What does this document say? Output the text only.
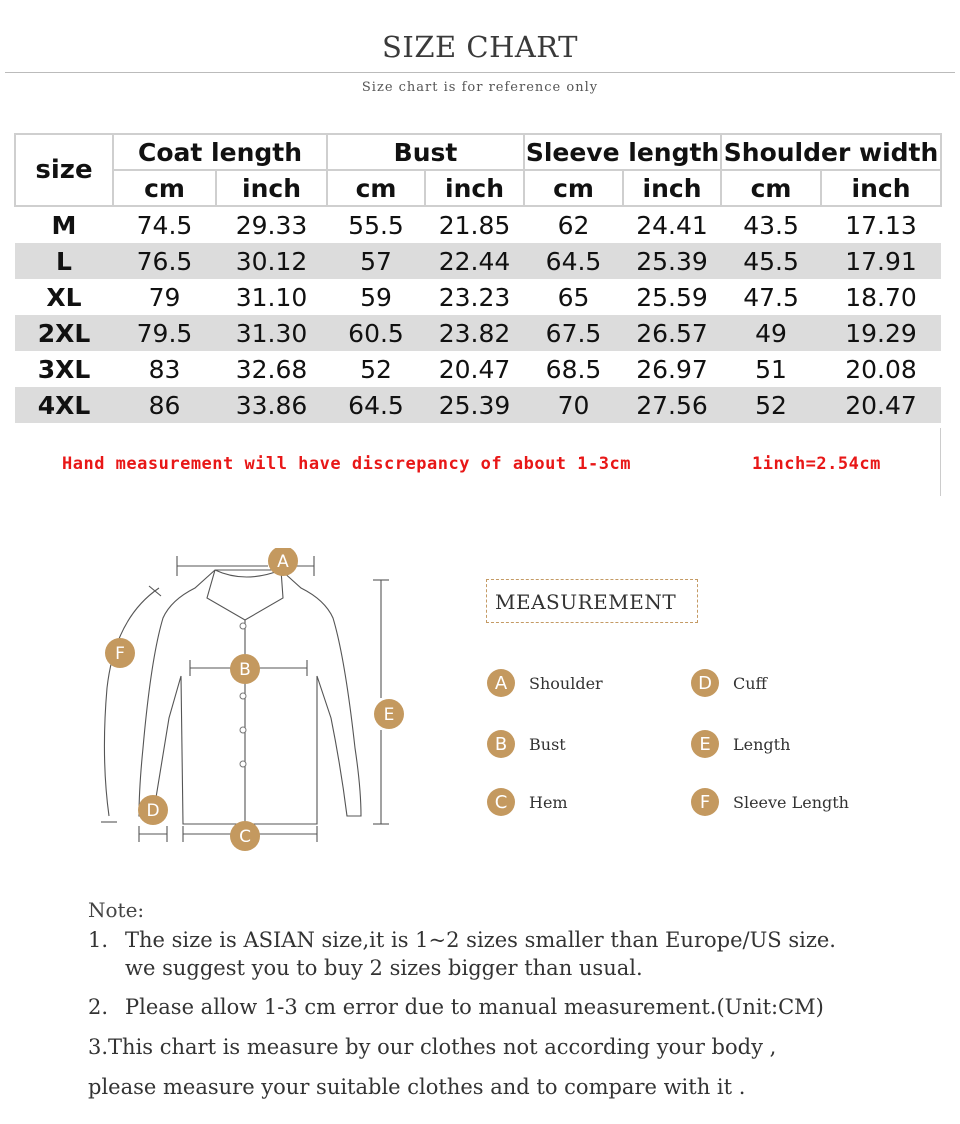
SIZE CHART
Size chart is for reference only
size	Coat length		Bust		Sleeve length		Shoulder width	
	cm	inch	cm	inch	cm	inch	cm	inch
M	74.5	29.33	55.5	21.85	62	24.41	43.5	17.13
L	76.5	30.12	57	22.44	64.5	25.39	45.5	17.91
XL	79	31.10	59	23.23	65	25.59	47.5	18.70
2XL	79.5	31.30	60.5	23.82	67.5	26.57	49	19.29
3XL	83	32.68	52	20.47	68.5	26.97	51	20.08
4XL	86	33.86	64.5	25.39	70	27.56	52	20.47
Hand measurement will have discrepancy of about 1-3cm	1inch=2.54cm
A
B
C
D
E
F
MEASUREMENT
A	Shoulder
B	Bust
C	Hem
D	Cuff
E	Length
F	Sleeve Length
Note:
1. The size is ASIAN size,it is 1~2 sizes smaller than Europe/US size.
we suggest you to buy 2 sizes bigger than usual.
2. Please allow 1-3 cm error due to manual measurement.(Unit:CM)
3.This chart is measure by our clothes not according your body ,
please measure your suitable clothes and to compare with it .
